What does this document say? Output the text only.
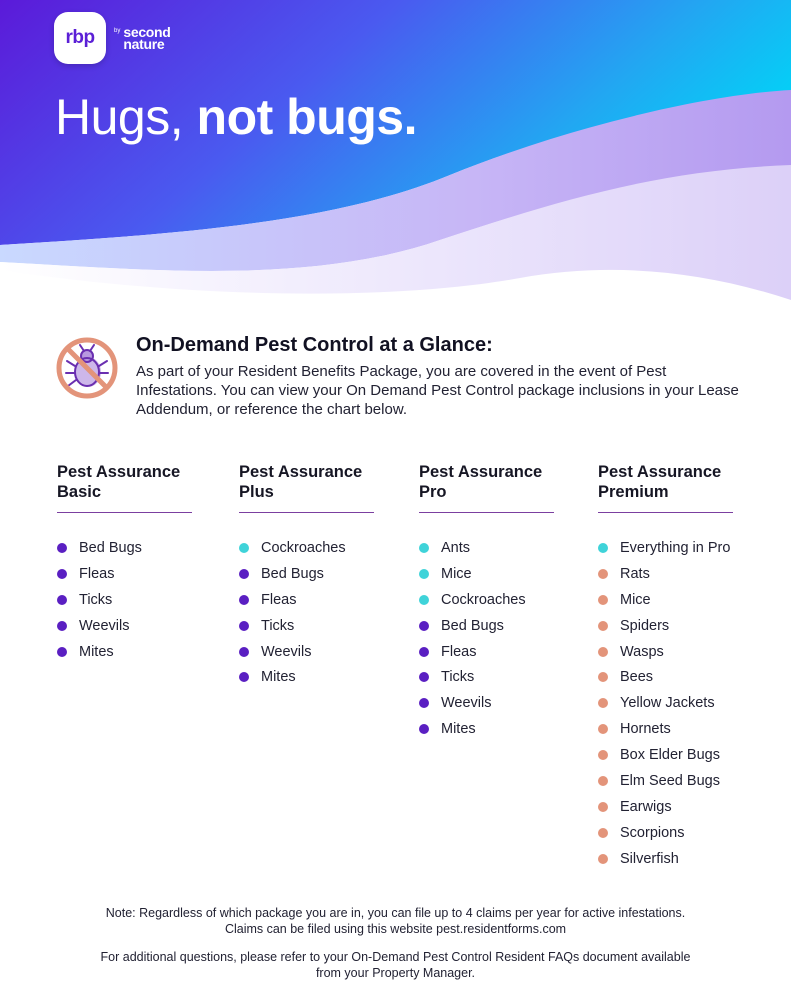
rbp	by second
nature
Hugs, not bugs.
On-Demand Pest Control at a Glance:
As part of your Resident Benefits Package, you are covered in the event of Pest Infestations. You can view your On Demand Pest Control package inclusions in your Lease Addendum, or reference the chart below.
Pest Assurance Basic
Bed Bugs
Fleas
Ticks
Weevils
Mites
Pest Assurance Plus
Cockroaches
Bed Bugs
Fleas
Ticks
Weevils
Mites
Pest Assurance Pro
Ants
Mice
Cockroaches
Bed Bugs
Fleas
Ticks
Weevils
Mites
Pest Assurance Premium
Everything in Pro
Rats
Mice
Spiders
Wasps
Bees
Yellow Jackets
Hornets
Box Elder Bugs
Elm Seed Bugs
Earwigs
Scorpions
Silverfish
Note: Regardless of which package you are in, you can file up to 4 claims per year for active infestations.
Claims can be filed using this website pest.residentforms.com
For additional questions, please refer to your On-Demand Pest Control Resident FAQs document available
from your Property Manager.
